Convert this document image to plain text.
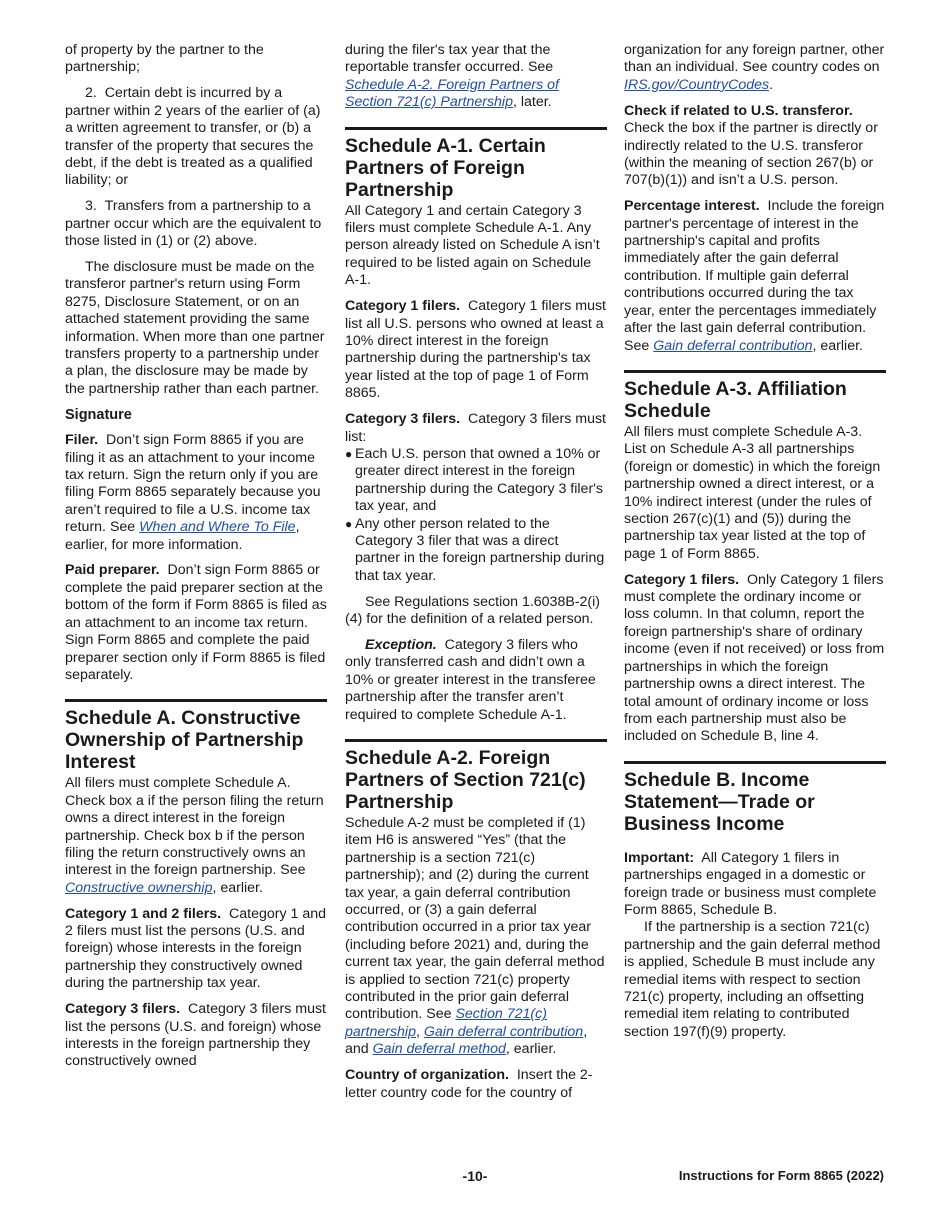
of property by the partner to the partnership;

2.  Certain debt is incurred by a partner within 2 years of the earlier of (a) a written agreement to transfer, or (b) a transfer of the property that secures the debt, if the debt is treated as a qualified liability; or

3.  Transfers from a partnership to a partner occur which are the equivalent to those listed in (1) or (2) above.

The disclosure must be made on the transferor partner's return using Form 8275, Disclosure Statement, or on an attached statement providing the same information. When more than one partner transfers property to a partnership under a plan, the disclosure may be made by the partnership rather than each partner.

Signature

Filer. Don’t sign Form 8865 if you are filing it as an attachment to your income tax return. Sign the return only if you are filing Form 8865 separately because you aren’t required to file a U.S. income tax return. See When and Where To File, earlier, for more information.

Paid preparer. Don’t sign Form 8865 or complete the paid preparer section at the bottom of the form if Form 8865 is filed as an attachment to an income tax return. Sign Form 8865 and complete the paid preparer section only if Form 8865 is filed separately.

Schedule A. Constructive Ownership of Partnership Interest

All filers must complete Schedule A. Check box a if the person filing the return owns a direct interest in the foreign partnership. Check box b if the person filing the return constructively owns an interest in the foreign partnership. See Constructive ownership, earlier.

Category 1 and 2 filers. Category 1 and 2 filers must list the persons (U.S. and foreign) whose interests in the foreign partnership they constructively owned during the partnership tax year.

Category 3 filers. Category 3 filers must list the persons (U.S. and foreign) whose interests in the foreign partnership they constructively owned

during the filer's tax year that the reportable transfer occurred. See Schedule A-2. Foreign Partners of Section 721(c) Partnership, later.

Schedule A-1. Certain Partners of Foreign Partnership

All Category 1 and certain Category 3 filers must complete Schedule A-1. Any person already listed on Schedule A isn’t required to be listed again on Schedule A-1.

Category 1 filers. Category 1 filers must list all U.S. persons who owned at least a 10% direct interest in the foreign partnership during the partnership's tax year listed at the top of page 1 of Form 8865.

Category 3 filers. Category 3 filers must list:

● Each U.S. person that owned a 10% or greater direct interest in the foreign partnership during the Category 3 filer's tax year, and
● Any other person related to the Category 3 filer that was a direct partner in the foreign partnership during that tax year.

See Regulations section 1.6038B-2(i)(4) for the definition of a related person.

Exception. Category 3 filers who only transferred cash and didn’t own a 10% or greater interest in the transferee partnership after the transfer aren’t required to complete Schedule A-1.

Schedule A-2. Foreign Partners of Section 721(c) Partnership

Schedule A-2 must be completed if (1) item H6 is answered “Yes” (that the partnership is a section 721(c) partnership); and (2) during the current tax year, a gain deferral contribution occurred, or (3) a gain deferral contribution occurred in a prior tax year (including before 2021) and, during the current tax year, the gain deferral method is applied to section 721(c) property contributed in the prior gain deferral contribution. See Section 721(c) partnership, Gain deferral contribution, and Gain deferral method, earlier.

Country of organization. Insert the 2-letter country code for the country of

organization for any foreign partner, other than an individual. See country codes on IRS.gov/CountryCodes.

Check if related to U.S. transferor.
Check the box if the partner is directly or indirectly related to the U.S. transferor (within the meaning of section 267(b) or 707(b)(1)) and isn’t a U.S. person.

Percentage interest. Include the foreign partner's percentage of interest in the partnership's capital and profits immediately after the gain deferral contribution. If multiple gain deferral contributions occurred during the tax year, enter the percentages immediately after the last gain deferral contribution. See Gain deferral contribution, earlier.

Schedule A-3. Affiliation Schedule

All filers must complete Schedule A-3. List on Schedule A-3 all partnerships (foreign or domestic) in which the foreign partnership owned a direct interest, or a 10% indirect interest (under the rules of section 267(c)(1) and (5)) during the partnership tax year listed at the top of page 1 of Form 8865.

Category 1 filers. Only Category 1 filers must complete the ordinary income or loss column. In that column, report the foreign partnership's share of ordinary income (even if not received) or loss from partnerships in which the foreign partnership owns a direct interest. The total amount of ordinary income or loss from each partnership must also be included on Schedule B, line 4.

Schedule B. Income Statement—Trade or Business Income

Important: All Category 1 filers in partnerships engaged in a domestic or foreign trade or business must complete Form 8865, Schedule B.

If the partnership is a section 721(c) partnership and the gain deferral method is applied, Schedule B must include any remedial items with respect to section 721(c) property, including an offsetting remedial item relating to contributed section 197(f)(9) property.

-10-	Instructions for Form 8865 (2022)
